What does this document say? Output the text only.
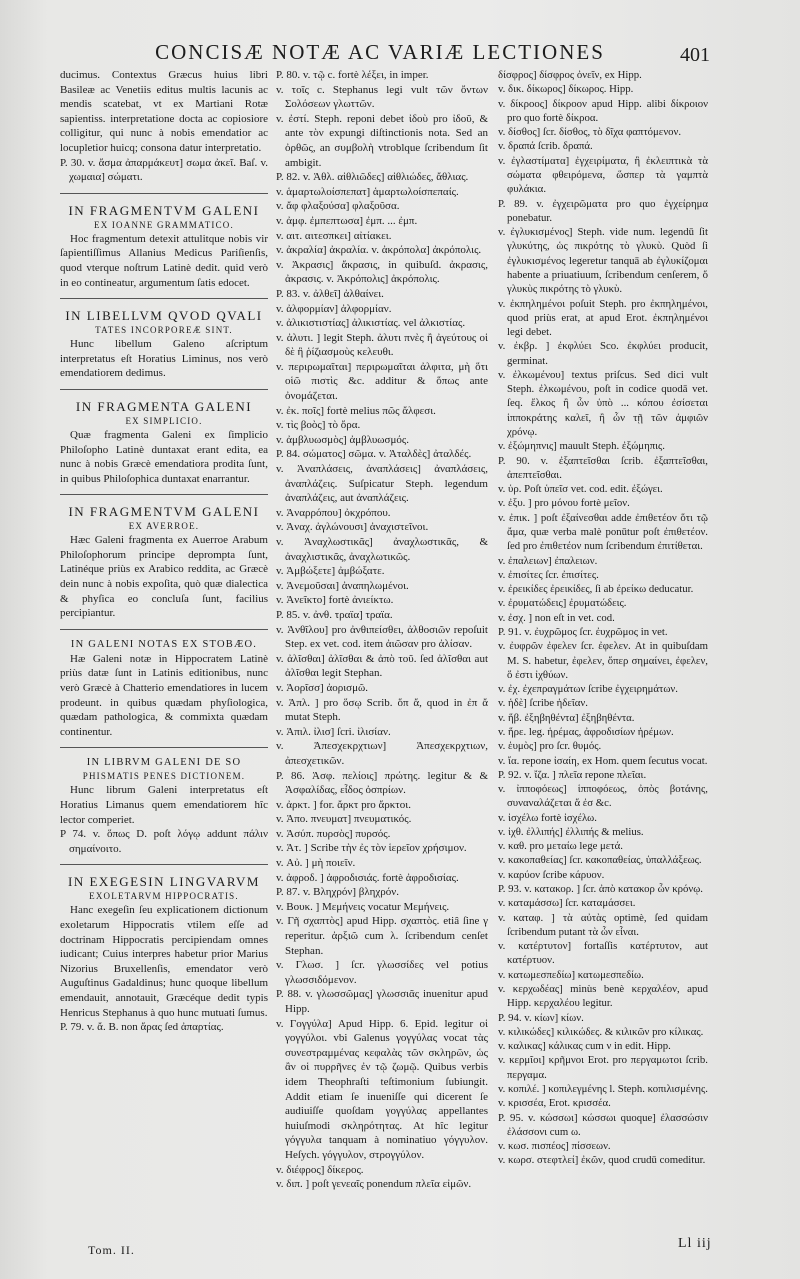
CONCISÆ NOTÆ AC VARIÆ LECTIONES	401
ducimus. Contextus Græcus huius libri Basileæ ac Venetiis editus multis lacunis ac mendis scatebat, vt ex Martiani Rotæ sapientiss. interpretatione docta ac copiosiore colligitur, qui nunc à nobis emendatior ac locupletior huicq; consona datur interpretatio.
P. 30. v. ἄσμα ἀπαρμάκευτ] σωμα ἀκεῖ. Baſ. v. χωμαια] σώματι.
IN FRAGMENTVM GALENI
EX IOANNE GRAMMATICO.
Hoc fragmentum detexit attulitque nobis vir ſapientiſſimus Allanius Medicus Pariſienſis, quod vterque noſtrum Latinè dedit. quid verò in eo contineatur, argumentum ſatis edocet.
IN LIBELLVM QVOD QVALI
TATES INCORPOREÆ SINT.
Hunc libellum Galeno aſcriptum interpretatus eſt Horatius Liminus, nos verò emendatiorem dedimus.
IN FRAGMENTA GALENI
EX SIMPLICIO.
Quæ fragmenta Galeni ex ſimplicio Philoſopho Latinè duntaxat erant edita, ea nunc à nobis Græcè emendatiora prodita ſunt, in quibus Philoſophica duntaxat enarrantur.
IN FRAGMENTVM GALENI
EX AVERROE.
Hæc Galeni fragmenta ex Auerroe Arabum Philoſophorum principe deprompta ſunt, Latinéque priùs ex Arabico reddita, ac Græcè dein nunc à nobis expoſita, quò quæ dialectica & phyſica eo concluſa ſunt, facilius percipiantur.
IN GALENI NOTAS EX STOBÆO.
Hæ Galeni notæ in Hippocratem Latinè priùs datæ ſunt in Latinis editionibus, nunc verò Græcè à Chatterio emendatiores in lucem prodeunt. in quibus quædam phyſiologica, quædam pathologica, & commixta quædam continentur.
IN LIBRVM GALENI DE SO
PHISMATIS PENES DICTIONEM.
Hunc librum Galeni interpretatus eſt Horatius Limanus quem emendatiorem hîc lector comperiet.
P 74. v. ὅπως D. poſt λόγῳ addunt πάλιν σημαίνοιτο.
IN EXEGESIN LINGVARVM
EXOLETARVM HIPPOCRATIS.
Hanc exegeſin ſeu explicationem dictionum exoletarum Hippocratis vtilem eſſe ad doctrinam Hippocratis percipiendam omnes iudicant; Cuius interpres habetur prior Marius Nizorius Bruxellenſis, emendator verò Auguſtinus Gadaldinus; hunc quoque libellum emendauit, annotauit, Græcéque dedit typis Henricus Stephanus à quo hunc mutuati ſumus.
P. 79. v. ἄ. B. non ἄρας ſed ἀπαρτίας.
P. 80. v. τῷ c. fortè λέξει, in imper.
v. τοῖς c. Stephanus legi vult τῶν ὄντων Σολόσεων γλωττῶν.
v. ἐστί. Steph. reponi debet ἰδοὺ pro ἰδοῦ, & ante τὸν expungi diſtinctionis nota. Sed an ὀρθῶς, an συμβολὴ vtroblque ſcribendum ſit ambigit.
P. 82. v. Ἀθλ. αἰθλιῶδες] αἰθλιώδες, ἄθλιας.
v. ἁμαρτωλοίσπεπατ] ἁμαρτωλοίσπεπαίς.
v. ἄφ φλαξούσα] φλαξοῦσα.
v. ἀμφ. ἐμπεπτωσα] ἐμπ. ... ἐμπ.
v. αιτ. αιτεσπκει] αἰτίακει.
v. ἀκραλία] ἀκραλία. v. ἀκρόπολα] ἀκρόπολις.
v. Ἀκρασις] ἄκρασις, in quibuſd. ἀκρασις, ἀκρασις. v. Ἀκρόπολις] ἀκρόπολις.
P. 83. v. ἀλθεῖ] ἀλθαίνει.
v. ἀλφορμίαν] ἀλφορμίαν.
v. ἀλικιστιστίας] ἀλικιστίας. vel ἀλκιστίας.
v. ἀλυτι. ] legit Steph. ἀλυτι πνὲς ἢ ἀγεύτους οἱ δὲ ἢ ῥίζιασμοὺς κελευθι.
v. περιρωμαῖται] περιρωμαῖται ἀλφιτα, μὴ ὅτι οἱῶ πιστὶς &c. additur & ὅπως ante ὀνομάζεται.
v. ἐκ. ποῖς] fortè melius πῶς ἄλφεσι.
v. τὶς βοὸς] τὸ ὄρα.
v. ἀμβλυωσμὸς] ἀμβλυωσμός.
P. 84. σώματος] σῶμα. v. Ἀταλδὲς] ἀταλδές.
v. Ἀναπλάσεις, ἀναπλάσεις] ἀναπλάσεις, ἀναπλάζεις. Suſpicatur Steph. legendum ἀναπλάζεις, aut ἀναπλάζεις.
v. Ἀναρρόπου] ὀκχρόπου.
v. Ἀναχ. ἀγλώνουσι] ἀναχιστεῖνοι.
v. Ἀναχλωστικᾶς] ἀναχλωστικᾶς, & ἀναχλιστικᾶς, ἀναχλωτικῶς.
v. Ἀμβώξετε] ἀμβώξατε.
v. Ἀνεμοῦσαι] ἀναπηλωμένοι.
v. Ἀνεῖκτο] fortè ἀνιείκτω.
P. 85. v. ἀνθ. τραϊα] τραϊα.
v. Ἀνθῖλου] pro ἀνθιπείσθει, ἀλθοσιῶν repoſuit Step. ex vet. cod. item ἀιῶσαν pro ἀλίσαν.
v. ἀλῖσθαι] ἀλῖσθαι & ἀπὸ τοῦ. ſed ἀλῖσθαι aut ἀλῖσθαι legit Stephan.
v. Ἀορῖσσ] ἀορισμῶ.
v. Ἀπλ. ] pro ὅσῳ Scrib. ὅπ ἄ, quod in ἐπ ἄ mutat Steph.
v. Ἀπιλ. ἰλισ] ſcri. ἰλισίαν.
v. Ἀπεσχεκρχτιων] Ἀπεσχεκρχτιων, ἀπεσχετικῶν.
P. 86. Ἀσφ. πελίοις] πρώτης. legitur & & Ἀσφαλίδας, εἶδος ὀσπρίων.
v. ἀρκτ. ] for. ἄρκτ pro ἄρκτοι.
v. Ἀπο. πνευματ] πνευματικός.
v. Ἀσύπ. πυρσὸς] πυρσός.
v. Ἀτ. ] Scribe τὴν ἐς τὸν ἱερεῖον χρήσιμον.
v. Αὐ. ] μὴ ποιεῖν.
v. ἀφροδ. ] ἀφροδισιάς. fortè ἀφροδισίας.
P. 87. v. Βληχρόν] βληχρόν.
v. Βουκ. ] Μεμήνεις vocatur Μεμήνεις.
v. Γῆ σχαπτὸς] apud Hipp. σχαπτὸς. etiâ ſine γ reperitur. ἀρξιῶ cum λ. ſcribendum cenſet Stephan.
v. Γλωσ. ] ſcr. γλωσσίδες vel potius γλωσσιδόμενον.
P. 88. v. γλωσσῶμας] γλωσσιᾶς inuenitur apud Hipp.
v. Γογγύλα] Apud Hipp. 6. Epid. legitur οἱ γογγύλοι. vbi Galenus γογγύλας vocat τὰς συνεστραμμένας κεφαλὰς τῶν σκληρῶν, ὡς ἂν οἱ πυρρῆνες ἐν τῷ ζωμῷ. Quibus verbis idem Theophraſti teſtimonium ſubiungit. Addit etiam ſe inueniſſe qui dicerent ſe audiuiſſe quoſdam γογγύλας appellantes huiuſmodi σκληρότητας. At hîc legitur γόγγυλα tanquam à nominatiuo γόγγυλον. Heſych. γόγγυλον, στρογγύλον.
v. διέφρος] δίκερος.
v. διπ. ] poſt γενεαῖς ponendum πλεῖα εἰμῶν.
δίσφρος] δίσφρος ὀνεῖν, ex Hipp.
v. δικ. δίκωρος] δίκωρος. Hipp.
v. δίκροος] δίκροον apud Hipp. alibi δίκροιον pro quo fortè δίκροα.
v. δίσθος] ſcr. δίσθος, τὸ δῖχα φαπτόμενον.
v. δραπά ſcrib. δραπά.
v. ἐγλαστίματα] ἐγχειρίματα, ἢ ἐκλειπτικὰ τὰ σώματα φθειρόμενα, ὥσπερ τὰ γαμπτὰ φυλάκια.
P. 89. v. ἐγχειρῶματα pro quo ἐγχείρημα ponebatur.
v. ἐγλυκισμένος] Steph. vide num. legendū ſit γλυκύτης, ὡς πικρότης τὸ γλυκὺ. Quòd ſi ἐγλυκισμένος legeretur tanquā ab ἐγλυκίζομαι habente a priuatiuum, ſcribendum cenſerem, ὅ γλυκὺς πικρότης τὸ γλυκὺ.
v. ἐκπηλημένοι poſuit Steph. pro ἐκπηλημένοι, quod priùs erat, at apud Erot. ἐκπηλημένοι legi debet.
v. ἐκβρ. ] ἐκφλύει Sco. ἐκφλύει producit, germinat.
v. ἐλκωμένου] textus priſcus. Sed dici vult Steph. ἐλκωμένου, poſt in codice quodā vet. ſeq. ἔλκος ἢ ὧν ὑπὸ ... κόπου ἐσίσεται ἱπποκράτης καλεῖ, ἢ ὧν τῇ τῶν ἀμφιῶν χρόνῳ.
v. ἐξώμηπνις] mauult Steph. ἐξώμηπις.
P. 90. v. ἐξαπτεῖσθαι ſcrib. ἐξαπτεῖσθαι, ἀπεπτεῖσθαι.
v. ὑρ. Poſt ὑπεῖσ vet. cod. edit. ἐξώγει.
v. ἐξυ. ] pro μόνου fortè μεῖον.
v. ἐπικ. ] poſt ἐξαίνεσθαι adde ἐπιθετέον ὅτι τῷ ἄμα, quæ verba malè ponūtur poſt ἐπιθετέον. ſed pro ἐπιθετέον num ſcribendum ἐπιτίθεται.
v. ἐπαλειων] ἐπαλειων.
v. ἐπισίτες ſcr. ἐπισίτες.
v. ἐρεικίδες ἐρεικίδες, ſi ab ἐρείκω deducatur.
v. ἐρυματώδεις] ἐρυματώδεις.
v. ἐσχ. ] non eſt in vet. cod.
P. 91. v. ἐυχρῶμος ſcr. ἐυχρῶμος in vet.
v. ἐυφρῶν ἐφελεν ſcr. ἐφελεν. At in quibuſdam M. S. habetur, ἐφελεν, ὅπερ σημαίνει, ἐφελεν, ὅ ἐστι ἰχθύων.
v. ἐχ. ἐχεπραγμάτων ſcribe ἐγχειρημάτων.
v. ἡδὲ] ſcribe ἡδεῖαν.
v. ἥβ. ἐξηβηθέντα] ἐξηβηθέντα.
v. ἥρε. leg. ἡρέμας, ἀφροδισίων ἡρέμων.
v. ἑυμὸς] pro ſcr. θυμός.
v. ἴα. repone ἰσαίη, ex Hom. quem ſecutus vocat.
P. 92. v. ἴζα. ] πλεῖα repone πλεῖαι.
v. ἰπποφόεως] ἱπποφόεως, ὀπὸς βοτάνης, συναναλάζεται ἅ ἐσ &c.
v. ἰσχέλω fortè ἰσχέλω.
v. ἰχθ. ἐλλιπής] ἐλλιπής & melius.
v. καθ. pro μεταίω lege μετά.
v. κακοπαθείας] ſcr. κακοπαθείας, ὑπαλλάξεως.
v. καρύον ſcribe κάρυον.
P. 93. v. κατακορ. ] ſcr. ἀπὸ κατακορ ὧν κρόνῳ.
v. καταμάσσω] ſcr. καταμάσσει.
v. καταφ. ] τὰ αὐτὰς optimè, ſed quidam ſcribendum putant τὰ ὧν εἶναι.
v. κατέρτυτον] fortaſſis κατέρτυτον, aut κατέρτυον.
v. κατωμεσπεδίω] κατωμεσπεδίω.
v. κερχωδέας] minùs benè κερχαλέον, apud Hipp. κερχαλέου legitur.
P. 94. v. κίων] κίων.
v. κιλικώδες] κιλικώδες. & κιλικῶν pro κίλικας.
v. καλικας] κάλικας cum ν in edit. Hipp.
v. κερμῖοι] κρῆμνοι Erot. pro περγαμωτοι ſcrib. περγαμα.
v. κοπιλέ. ] κοπιλεγμένης l. Steph. κοπιλισμένης.
v. κρισσέα, Erot. κρισσέα.
P. 95. v. κώσσωι] κώσσωι quoque] ἐλασσώσιν ἐλάσσονι cum ω.
v. κωσ. πισπέος] πίσσεων.
v. κωρσ. στεφτλεί] ἐκῶν, quod crudū comeditur.
Tom. II.	Ll iij
